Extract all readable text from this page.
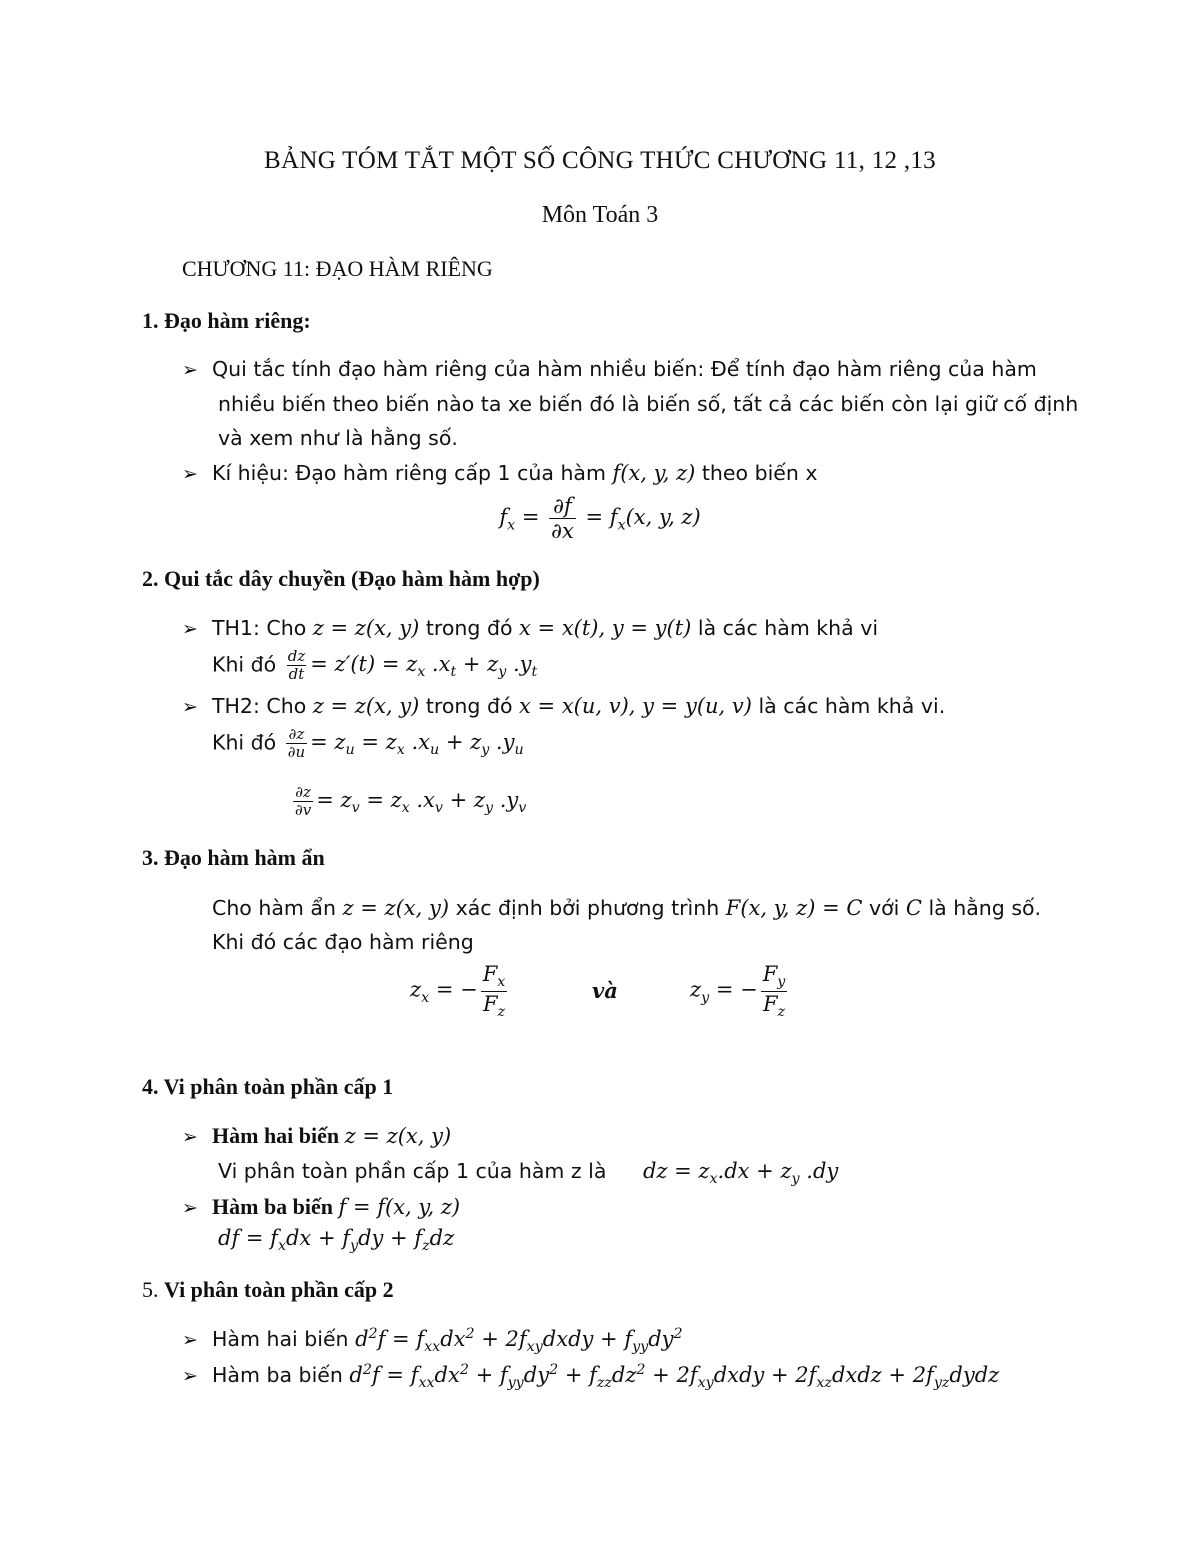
BẢNG TÓM TẮT MỘT SỐ CÔNG THỨC CHƯƠNG 11, 12 ,13
Môn Toán 3
CHƯƠNG 11: ĐẠO HÀM RIÊNG
1. Đạo hàm riêng:
➢ Qui tắc tính đạo hàm riêng của hàm nhiều biến: Để tính đạo hàm riêng của hàm
nhiều biến theo biến nào ta xe biến đó là biến số, tất cả các biến còn lại giữ cố định
và xem như là hằng số.
➢ Kí hiệu: Đạo hàm riêng cấp 1 của hàm f(x, y, z) theo biến x
$f_x = \frac{\partial f}{\partial x} = f_x(x$, y, z)
2. Qui tắc dây chuyền (Đạo hàm hàm hợp)
➢ TH1: Cho z = z(x, y) trong đó x = x(t), y = y(t) là các hàm khả vi
Khi đó $\frac{dz}{dt} = z'(t) = z_x$ $.x_t + z_y$ $.y_t$
➢ TH2: Cho z = z(x, y) trong đó x = x(u, v), y = y(u, v) là các hàm khả vi.
Khi đó $\frac{\partial z}{\partial u} = z_u = z_x$ $.x_u + z_y$ $.y_u$
$\frac{\partial z}{\partial v} = z_v = z_x$ $.x_v + z_y$ $.y_v$
3. Đạo hàm hàm ẩn
Cho hàm ẩn z = z(x, y) xác định bởi phương trình F(x, y, z) = C với C là hằng số.
Khi đó các đạo hàm riêng
$z_x$ = − $\frac{F_x}{F_z}$	và	$z_y$ = − $\frac{F_y}{F_z}$
4. Vi phân toàn phần cấp 1
➢ Hàm hai biến z = z(x, y)
Vi phân toàn phần cấp 1 của hàm z là dz = $z_x.dx + z_y$ .dy
➢ Hàm ba biến f = f(x, y, z)
df = $f_xdx + f_ydy + f_zdz$
5. Vi phân toàn phần cấp 2
➢ Hàm hai biến $d^2f = f_{xx}dx^2$ + $2f_{xy}dxdy + f_{yy}dy^2$
➢ Hàm ba biến $d^2f = f_{xx}dx^2 + f_{yy}dy^2 + f_{zz}dz^2$ + $2f_{xy}dxdy$ + $2f_{xz}dxdz$ + $2f_{yz}dydz$
